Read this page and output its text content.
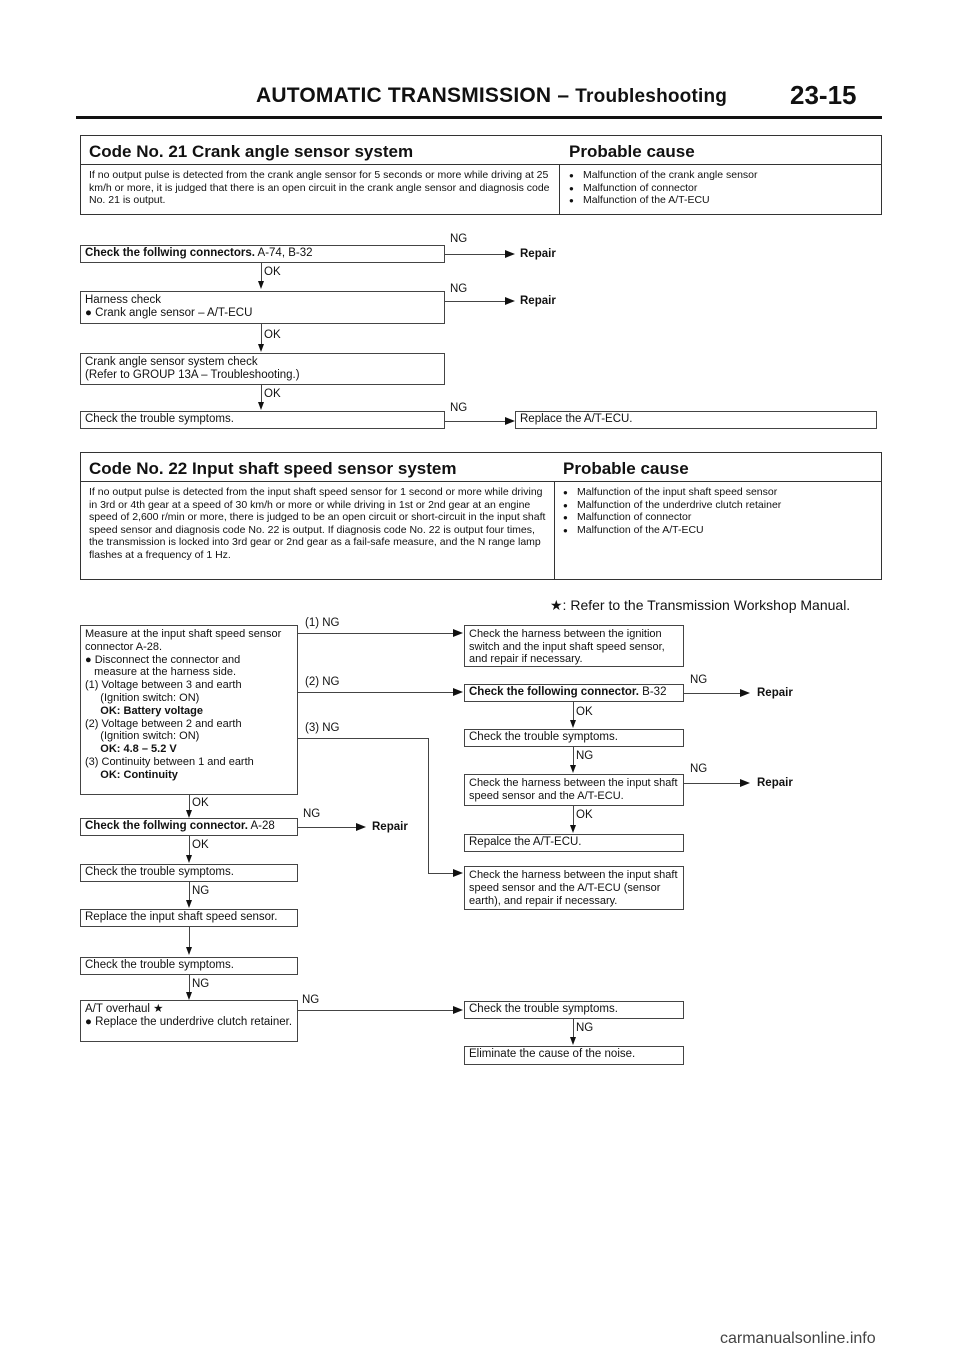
AUTOMATIC TRANSMISSION – Troubleshooting 23-15
Code No. 21 Crank angle sensor system	Probable cause
If no output pulse is detected from the crank angle sensor for 5 seconds or more while driving at 25 km/h or more, it is judged that there is an open circuit in the crank angle sensor and diagnosis code No. 21 is output.
● Malfunction of the crank angle sensor
● Malfunction of connector
● Malfunction of the A/T-ECU
Check the follwing connectors. A-74, B-32
NG
Repair
OK
Harness check
● Crank angle sensor – A/T-ECU
NG
Repair
OK
Crank angle sensor system check
(Refer to GROUP 13A – Troubleshooting.)
OK
Check the trouble symptoms.
NG
Replace the A/T-ECU.
Code No. 22 Input shaft speed sensor system	Probable cause
If no output pulse is detected from the input shaft speed sensor for 1 second or more while driving in 3rd or 4th gear at a speed of 30 km/h or more or while driving in 1st or 2nd gear at an engine speed of 2,600 r/min or more, there is judged to be an open circuit or short-circuit in the input shaft speed sensor and diagnosis code No. 22 is output. If diagnosis code No. 22 is output four times, the transmission is locked into 3rd gear or 2nd gear as a fail-safe measure, and the N range lamp flashes at a frequency of 1 Hz.
● Malfunction of the input shaft speed sensor
● Malfunction of the underdrive clutch retainer
● Malfunction of connector
● Malfunction of the A/T-ECU
★: Refer to the Transmission Workshop Manual.
Measure at the input shaft speed sensor
connector A-28.
● Disconnect the connector and
measure at the harness side.
(1) Voltage between 3 and earth
(Ignition switch: ON)
OK: Battery voltage
(2) Voltage between 2 and earth
(Ignition switch: ON)
OK: 4.8 – 5.2 V
(3) Continuity between 1 and earth
OK: Continuity
(1) NG
(2) NG
(3) NG
OK
Check the follwing connector. A-28
NG
Repair
OK
Check the trouble symptoms.
NG
Replace the input shaft speed sensor.
Check the trouble symptoms.
NG
A/T overhaul ★
● Replace the underdrive clutch retainer.
NG
Check the harness between the ignition switch and the input shaft speed sensor, and repair if necessary.
Check the following connector. B-32
NG
Repair
OK
Check the trouble symptoms.
NG
Check the harness between the input shaft speed sensor and the A/T-ECU.
NG
Repair
OK
Repalce the A/T-ECU.
Check the harness between the input shaft speed sensor and the A/T-ECU (sensor earth), and repair if necessary.
Check the trouble symptoms.
NG
Eliminate the cause of the noise.
carmanualsonline.info
